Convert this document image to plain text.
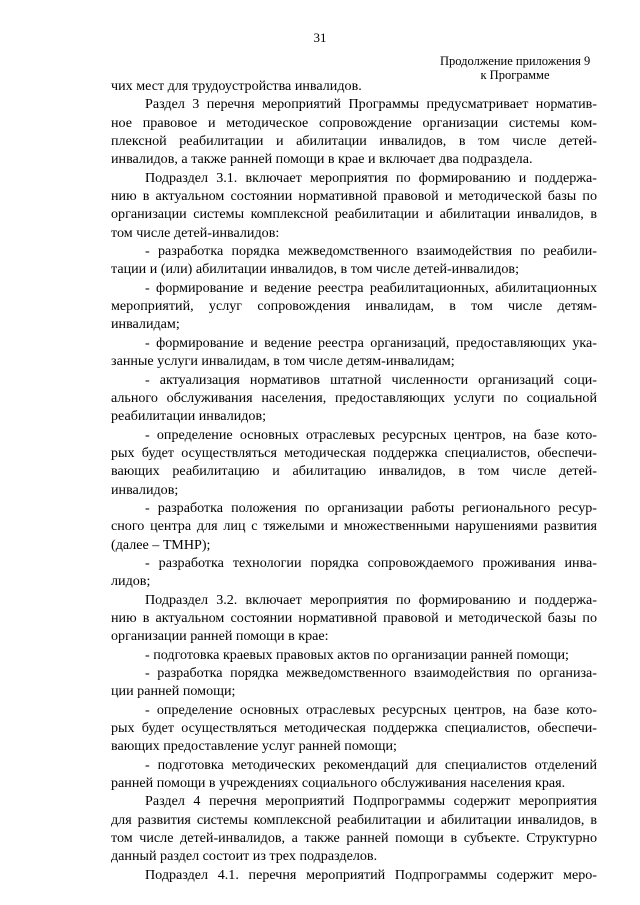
31
Продолжение приложения 9
к Программе
чих мест для трудоустройства инвалидов.
Раздел 3 перечня мероприятий Программы предусматривает норматив-
ное правовое и методическое сопровождение организации системы ком-
плексной реабилитации и абилитации инвалидов, в том числе детей-
инвалидов, а также ранней помощи в крае и включает два подраздела.
Подраздел 3.1. включает мероприятия по формированию и поддержа-
нию в актуальном состоянии нормативной правовой и методической базы по
организации системы комплексной реабилитации и абилитации инвалидов, в
том числе детей-инвалидов:
- разработка порядка межведомственного взаимодействия по реабили-
тации и (или) абилитации инвалидов, в том числе детей-инвалидов;
- формирование и ведение реестра реабилитационных, абилитационных
мероприятий, услуг сопровождения инвалидам, в том числе детям-
инвалидам;
- формирование и ведение реестра организаций, предоставляющих ука-
занные услуги инвалидам, в том числе детям-инвалидам;
- актуализация нормативов штатной численности организаций соци-
ального обслуживания населения, предоставляющих услуги по социальной
реабилитации инвалидов;
- определение основных отраслевых ресурсных центров, на базе кото-
рых будет осуществляться методическая поддержка специалистов, обеспечи-
вающих реабилитацию и абилитацию инвалидов, в том числе детей-
инвалидов;
- разработка положения по организации работы регионального ресур-
сного центра для лиц с тяжелыми и множественными нарушениями развития
(далее – ТМНР);
- разработка технологии порядка сопровождаемого проживания инва-
лидов;
Подраздел 3.2. включает мероприятия по формированию и поддержа-
нию в актуальном состоянии нормативной правовой и методической базы по
организации ранней помощи в крае:
- подготовка краевых правовых актов по организации ранней помощи;
- разработка порядка межведомственного взаимодействия по организа-
ции ранней помощи;
- определение основных отраслевых ресурсных центров, на базе кото-
рых будет осуществляться методическая поддержка специалистов, обеспечи-
вающих предоставление услуг ранней помощи;
- подготовка методических рекомендаций для специалистов отделений
ранней помощи в учреждениях социального обслуживания населения края.
Раздел 4 перечня мероприятий Подпрограммы содержит мероприятия
для развития системы комплексной реабилитации и абилитации инвалидов, в
том числе детей-инвалидов, а также ранней помощи в субъекте. Структурно
данный раздел состоит из трех подразделов.
Подраздел 4.1. перечня мероприятий Подпрограммы содержит меро-
